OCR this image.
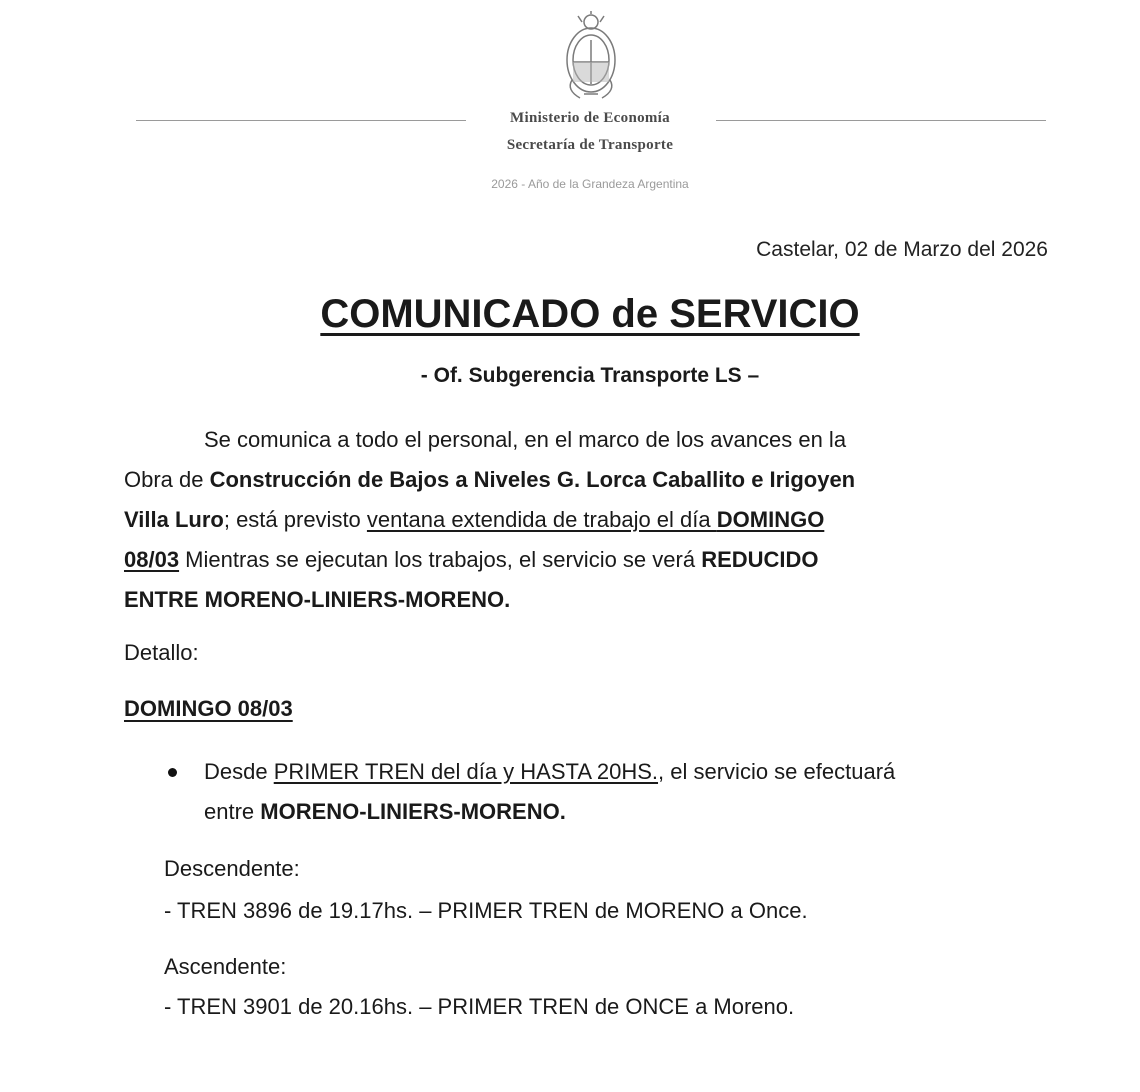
Ministerio de Economía
Secretaría de Transporte
2026 - Año de la Grandeza Argentina
Castelar, 02 de Marzo del 2026
COMUNICADO de SERVICIO
- Of. Subgerencia Transporte LS –
Se comunica a todo el personal, en el marco de los avances en la
Obra de Construcción de Bajos a Niveles G. Lorca Caballito e Irigoyen
Villa Luro; está previsto ventana extendida de trabajo el día DOMINGO
08/03 Mientras se ejecutan los trabajos, el servicio se verá REDUCIDO
ENTRE MORENO-LINIERS-MORENO.
Detallo:
DOMINGO 08/03
Desde PRIMER TREN del día y HASTA 20HS., el servicio se efectuará
entre MORENO-LINIERS-MORENO.
Descendente:
- TREN 3896 de 19.17hs. – PRIMER TREN de MORENO a Once.
Ascendente:
- TREN 3901 de 20.16hs. – PRIMER TREN de ONCE a Moreno.
